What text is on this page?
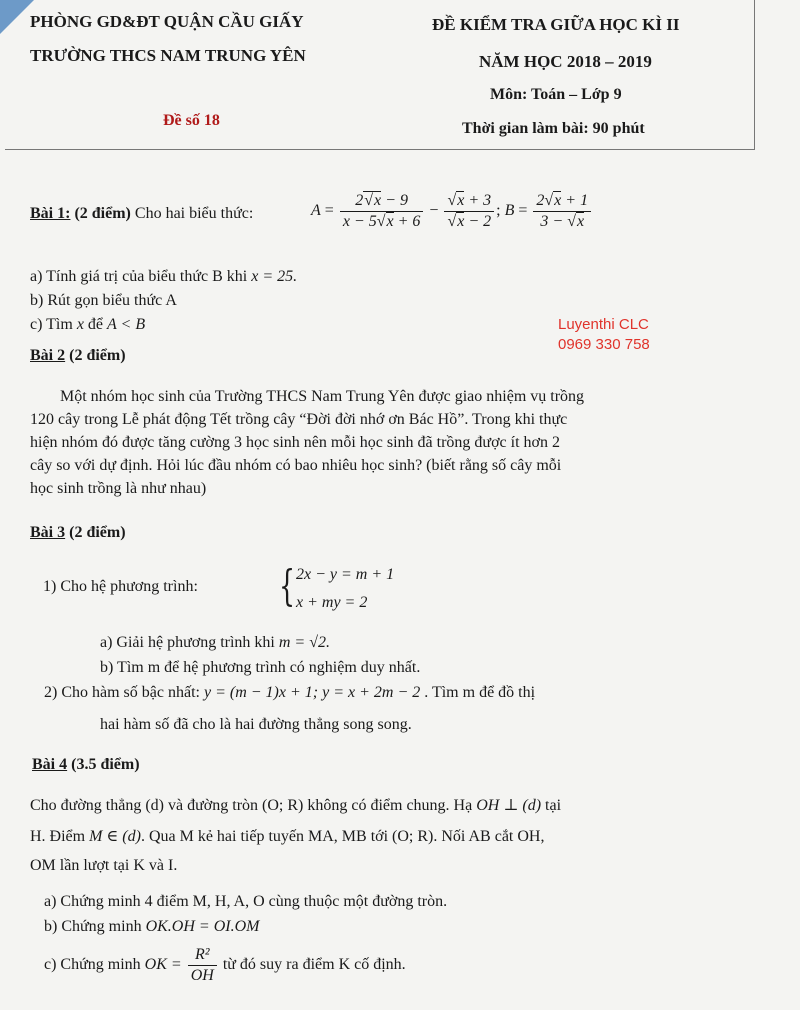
PHÒNG GD&ĐT QUẬN CẦU GIẤY
TRƯỜNG THCS NAM TRUNG YÊN
Đề số 18
ĐỀ KIỂM TRA GIỮA HỌC KÌ II
NĂM HỌC 2018 – 2019
Môn: Toán – Lớp 9
Thời gian làm bài: 90 phút
Bài 1: (2 điểm) Cho hai biểu thức:	$A = \frac{2√x - 9}{x - 5√x + 6} - \frac{√x + 3}{√x - 2}$ ; $B = \frac{2√x + 1}{3 - √x}$
a) Tính giá trị của biểu thức B khi x = 25.
b) Rút gọn biểu thức A
c) Tìm x để A < B	Luyenthi CLC
0969 330 758
Bài 2 (2 điểm)
Một nhóm học sinh của Trường THCS Nam Trung Yên được giao nhiệm vụ trồng
120 cây trong Lễ phát động Tết trồng cây “Đời đời nhớ ơn Bác Hồ”. Trong khi thực
hiện nhóm đó được tăng cường 3 học sinh nên mỗi học sinh đã trồng được ít hơn 2
cây so với dự định. Hỏi lúc đầu nhóm có bao nhiêu học sinh? (biết rằng số cây mỗi
học sinh trồng là như nhau)
Bài 3 (2 điểm)
1) Cho hệ phương trình: { 2x − y = m + 1
x + my = 2
a) Giải hệ phương trình khi m = √2.
b) Tìm m để hệ phương trình có nghiệm duy nhất.
2) Cho hàm số bậc nhất: y = (m − 1)x + 1; y = x + 2m − 2 . Tìm m để đồ thị
hai hàm số đã cho là hai đường thẳng song song.
Bài 4 (3.5 điểm)
Cho đường thẳng (d) và đường tròn (O; R) không có điểm chung. Hạ OH ⊥ (d) tại
H. Điểm M ∈ (d). Qua M kẻ hai tiếp tuyến MA, MB tới (O; R). Nối AB cắt OH,
OM lần lượt tại K và I.
a) Chứng minh 4 điểm M, H, A, O cùng thuộc một đường tròn.
b) Chứng minh OK.OH = OI.OM
c) Chứng minh OK = $\frac{\text{R²}}{OH}$ từ đó suy ra điểm K cố định.
